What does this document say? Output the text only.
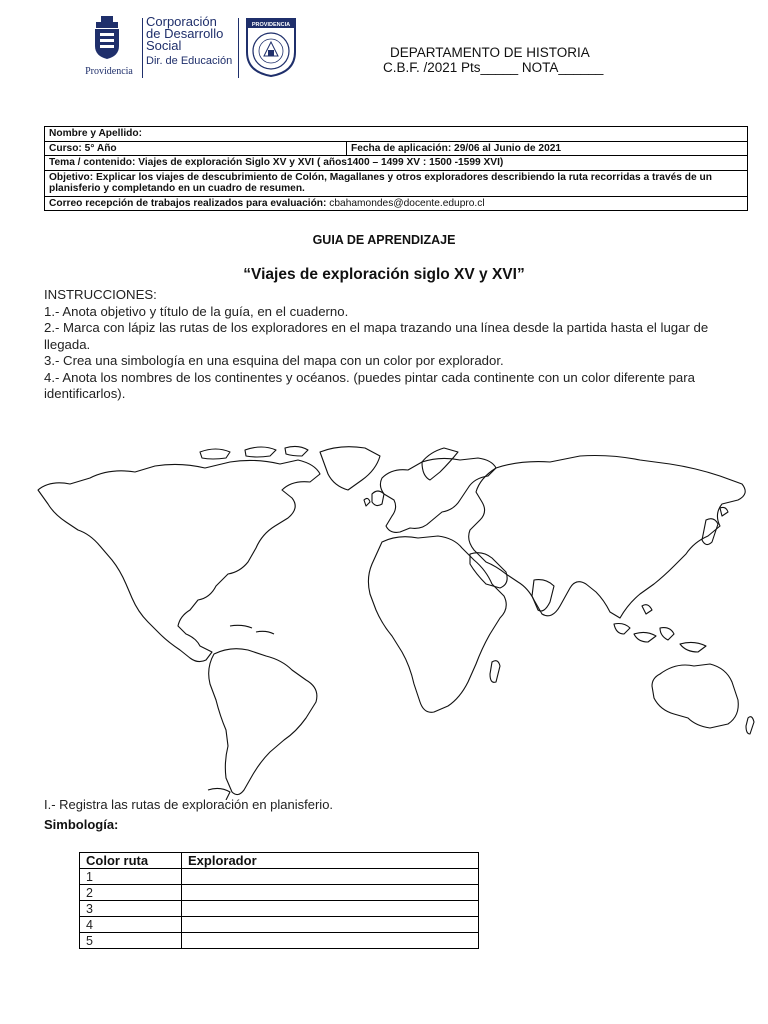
Providencia
Corporación
de Desarrollo
Social
Dir. de Educación
PROVIDENCIA
DEPARTAMENTO DE HISTORIA
C.B.F. /2021 Pts_____ NOTA______
Nombre y Apellido:
Curso: 5° Año	Fecha de aplicación: 29/06 al Junio de 2021
Tema / contenido: Viajes de exploración Siglo XV y XVI ( años1400 – 1499 XV : 1500 -1599 XVI)
Objetivo: Explicar los viajes de descubrimiento de Colón, Magallanes y otros exploradores describiendo la ruta recorridas a través de un planisferio y completando en un cuadro de resumen.
Correo recepción de trabajos realizados para evaluación: cbahamondes@docente.edupro.cl
GUIA DE APRENDIZAJE
“Viajes de exploración siglo XV y XVI”
INSTRUCCIONES:
1.- Anota objetivo y título de la guía, en el cuaderno.
2.- Marca con lápiz las rutas de los exploradores en el mapa trazando una línea desde la partida hasta el lugar de llegada.
3.- Crea una simbología en una esquina del mapa con un color por explorador.
4.- Anota los nombres de los continentes y océanos. (puedes pintar cada continente con un color diferente para identificarlos).
I.- Registra las rutas de exploración en planisferio.
Simbología:
Color ruta	Explorador
1	
2	
3	
4	
5	
